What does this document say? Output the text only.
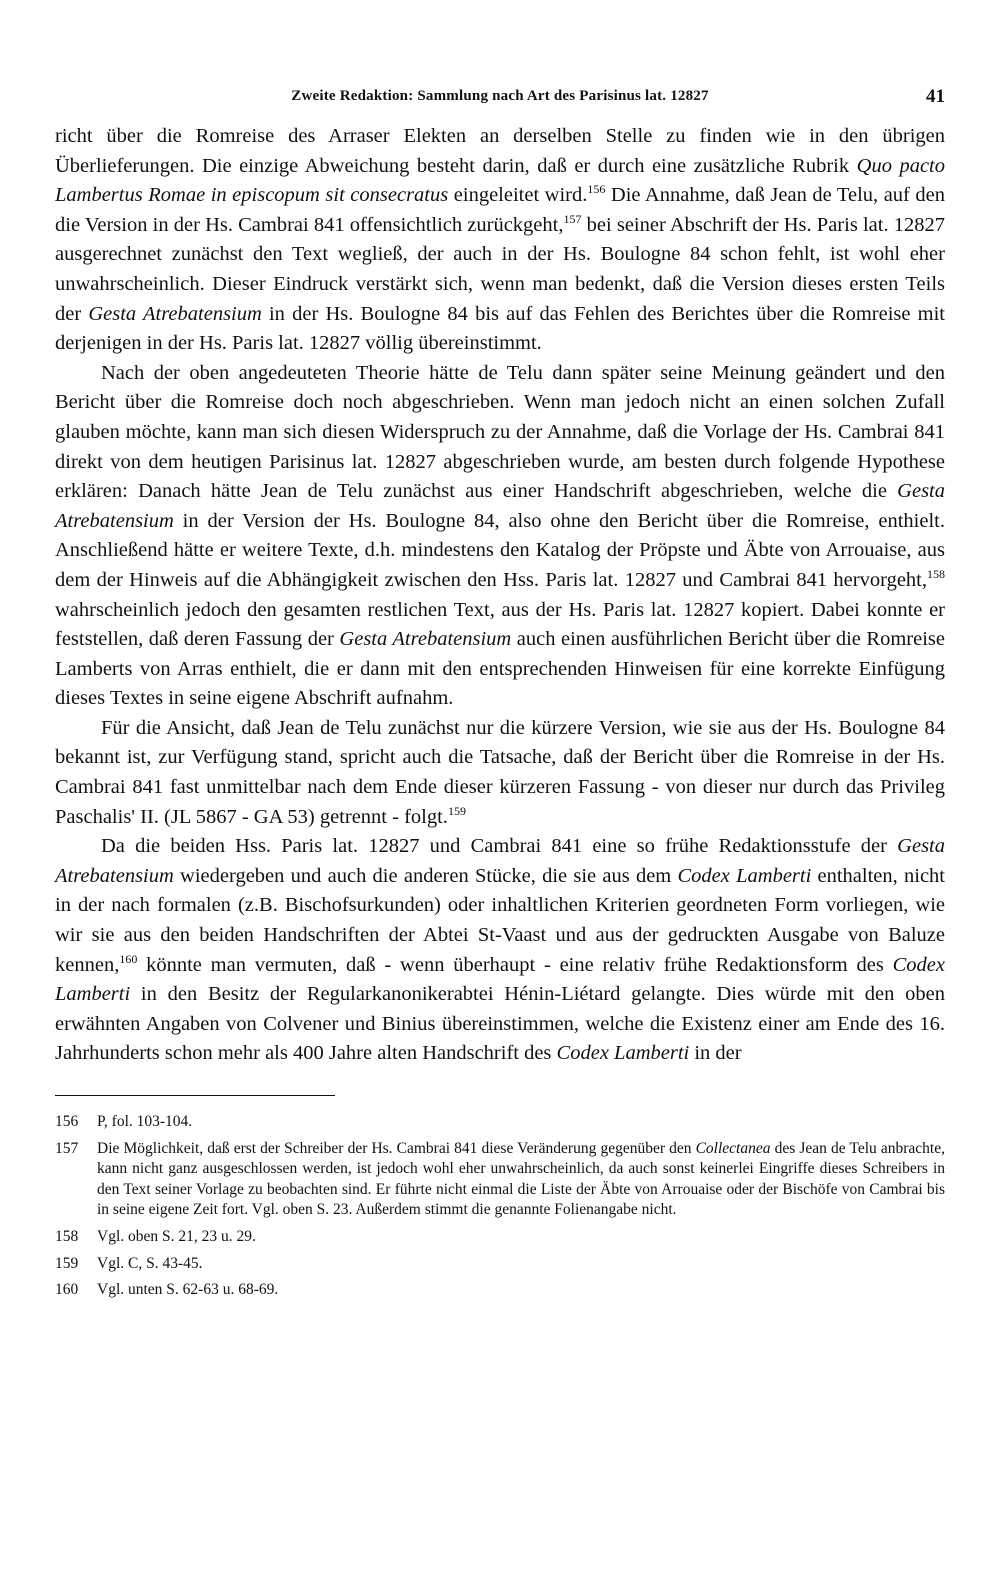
Zweite Redaktion: Sammlung nach Art des Parisinus lat. 12827	41

richt über die Romreise des Arraser Elekten an derselben Stelle zu finden wie in den übrigen Überlieferungen. Die einzige Abweichung besteht darin, daß er durch eine zusätzliche Rubrik Quo pacto Lambertus Romae in episcopum sit consecratus eingeleitet wird.$^{156}$ Die Annahme, daß Jean de Telu, auf den die Version in der Hs. Cambrai 841 offensichtlich zurückgeht,$^{157}$ bei seiner Abschrift der Hs. Paris lat. 12827 ausgerechnet zunächst den Text wegließ, der auch in der Hs. Boulogne 84 schon fehlt, ist wohl eher unwahrscheinlich. Dieser Eindruck verstärkt sich, wenn man bedenkt, daß die Version dieses ersten Teils der Gesta Atrebatensium in der Hs. Boulogne 84 bis auf das Fehlen des Berichtes über die Romreise mit derjenigen in der Hs. Paris lat. 12827 völlig übereinstimmt.

Nach der oben angedeuteten Theorie hätte de Telu dann später seine Meinung geändert und den Bericht über die Romreise doch noch abgeschrieben. Wenn man jedoch nicht an einen solchen Zufall glauben möchte, kann man sich diesen Widerspruch zu der Annahme, daß die Vorlage der Hs. Cambrai 841 direkt von dem heutigen Parisinus lat. 12827 abgeschrieben wurde, am besten durch folgende Hypothese erklären: Danach hätte Jean de Telu zunächst aus einer Handschrift abgeschrieben, welche die Gesta Atrebatensium in der Version der Hs. Boulogne 84, also ohne den Bericht über die Romreise, enthielt. Anschließend hätte er weitere Texte, d.h. mindestens den Katalog der Pröpste und Äbte von Arrouaise, aus dem der Hinweis auf die Abhängigkeit zwischen den Hss. Paris lat. 12827 und Cambrai 841 hervorgeht,$^{158}$ wahrscheinlich jedoch den gesamten restlichen Text, aus der Hs. Paris lat. 12827 kopiert. Dabei konnte er feststellen, daß deren Fassung der Gesta Atrebatensium auch einen ausführlichen Bericht über die Romreise Lamberts von Arras enthielt, die er dann mit den entsprechenden Hinweisen für eine korrekte Einfügung dieses Textes in seine eigene Abschrift aufnahm.

Für die Ansicht, daß Jean de Telu zunächst nur die kürzere Version, wie sie aus der Hs. Boulogne 84 bekannt ist, zur Verfügung stand, spricht auch die Tatsache, daß der Bericht über die Romreise in der Hs. Cambrai 841 fast unmittelbar nach dem Ende dieser kürzeren Fassung - von dieser nur durch das Privileg Paschalis' II. (JL 5867 - GA 53) getrennt - folgt.$^{159}$

Da die beiden Hss. Paris lat. 12827 und Cambrai 841 eine so frühe Redaktionsstufe der Gesta Atrebatensium wiedergeben und auch die anderen Stücke, die sie aus dem Codex Lamberti enthalten, nicht in der nach formalen (z.B. Bischofsurkunden) oder inhaltlichen Kriterien geordneten Form vorliegen, wie wir sie aus den beiden Handschriften der Abtei St-Vaast und aus der gedruckten Ausgabe von Baluze kennen,$^{160}$ könnte man vermuten, daß - wenn überhaupt - eine relativ frühe Redaktionsform des Codex Lamberti in den Besitz der Regularkanonikerabtei Hénin-Liétard gelangte. Dies würde mit den oben erwähnten Angaben von Colvener und Binius übereinstimmen, welche die Existenz einer am Ende des 16. Jahrhunderts schon mehr als 400 Jahre alten Handschrift des Codex Lamberti in der

156	P, fol. 103-104.
157	Die Möglichkeit, daß erst der Schreiber der Hs. Cambrai 841 diese Veränderung gegenüber den Collectanea des Jean de Telu anbrachte, kann nicht ganz ausgeschlossen werden, ist jedoch wohl eher unwahrscheinlich, da auch sonst keinerlei Eingriffe dieses Schreibers in den Text seiner Vorlage zu beobachten sind. Er führte nicht einmal die Liste der Äbte von Arrouaise oder der Bischöfe von Cambrai bis in seine eigene Zeit fort. Vgl. oben S. 23. Außerdem stimmt die genannte Folienangabe nicht.
158	Vgl. oben S. 21, 23 u. 29.
159	Vgl. C, S. 43-45.
160	Vgl. unten S. 62-63 u. 68-69.
